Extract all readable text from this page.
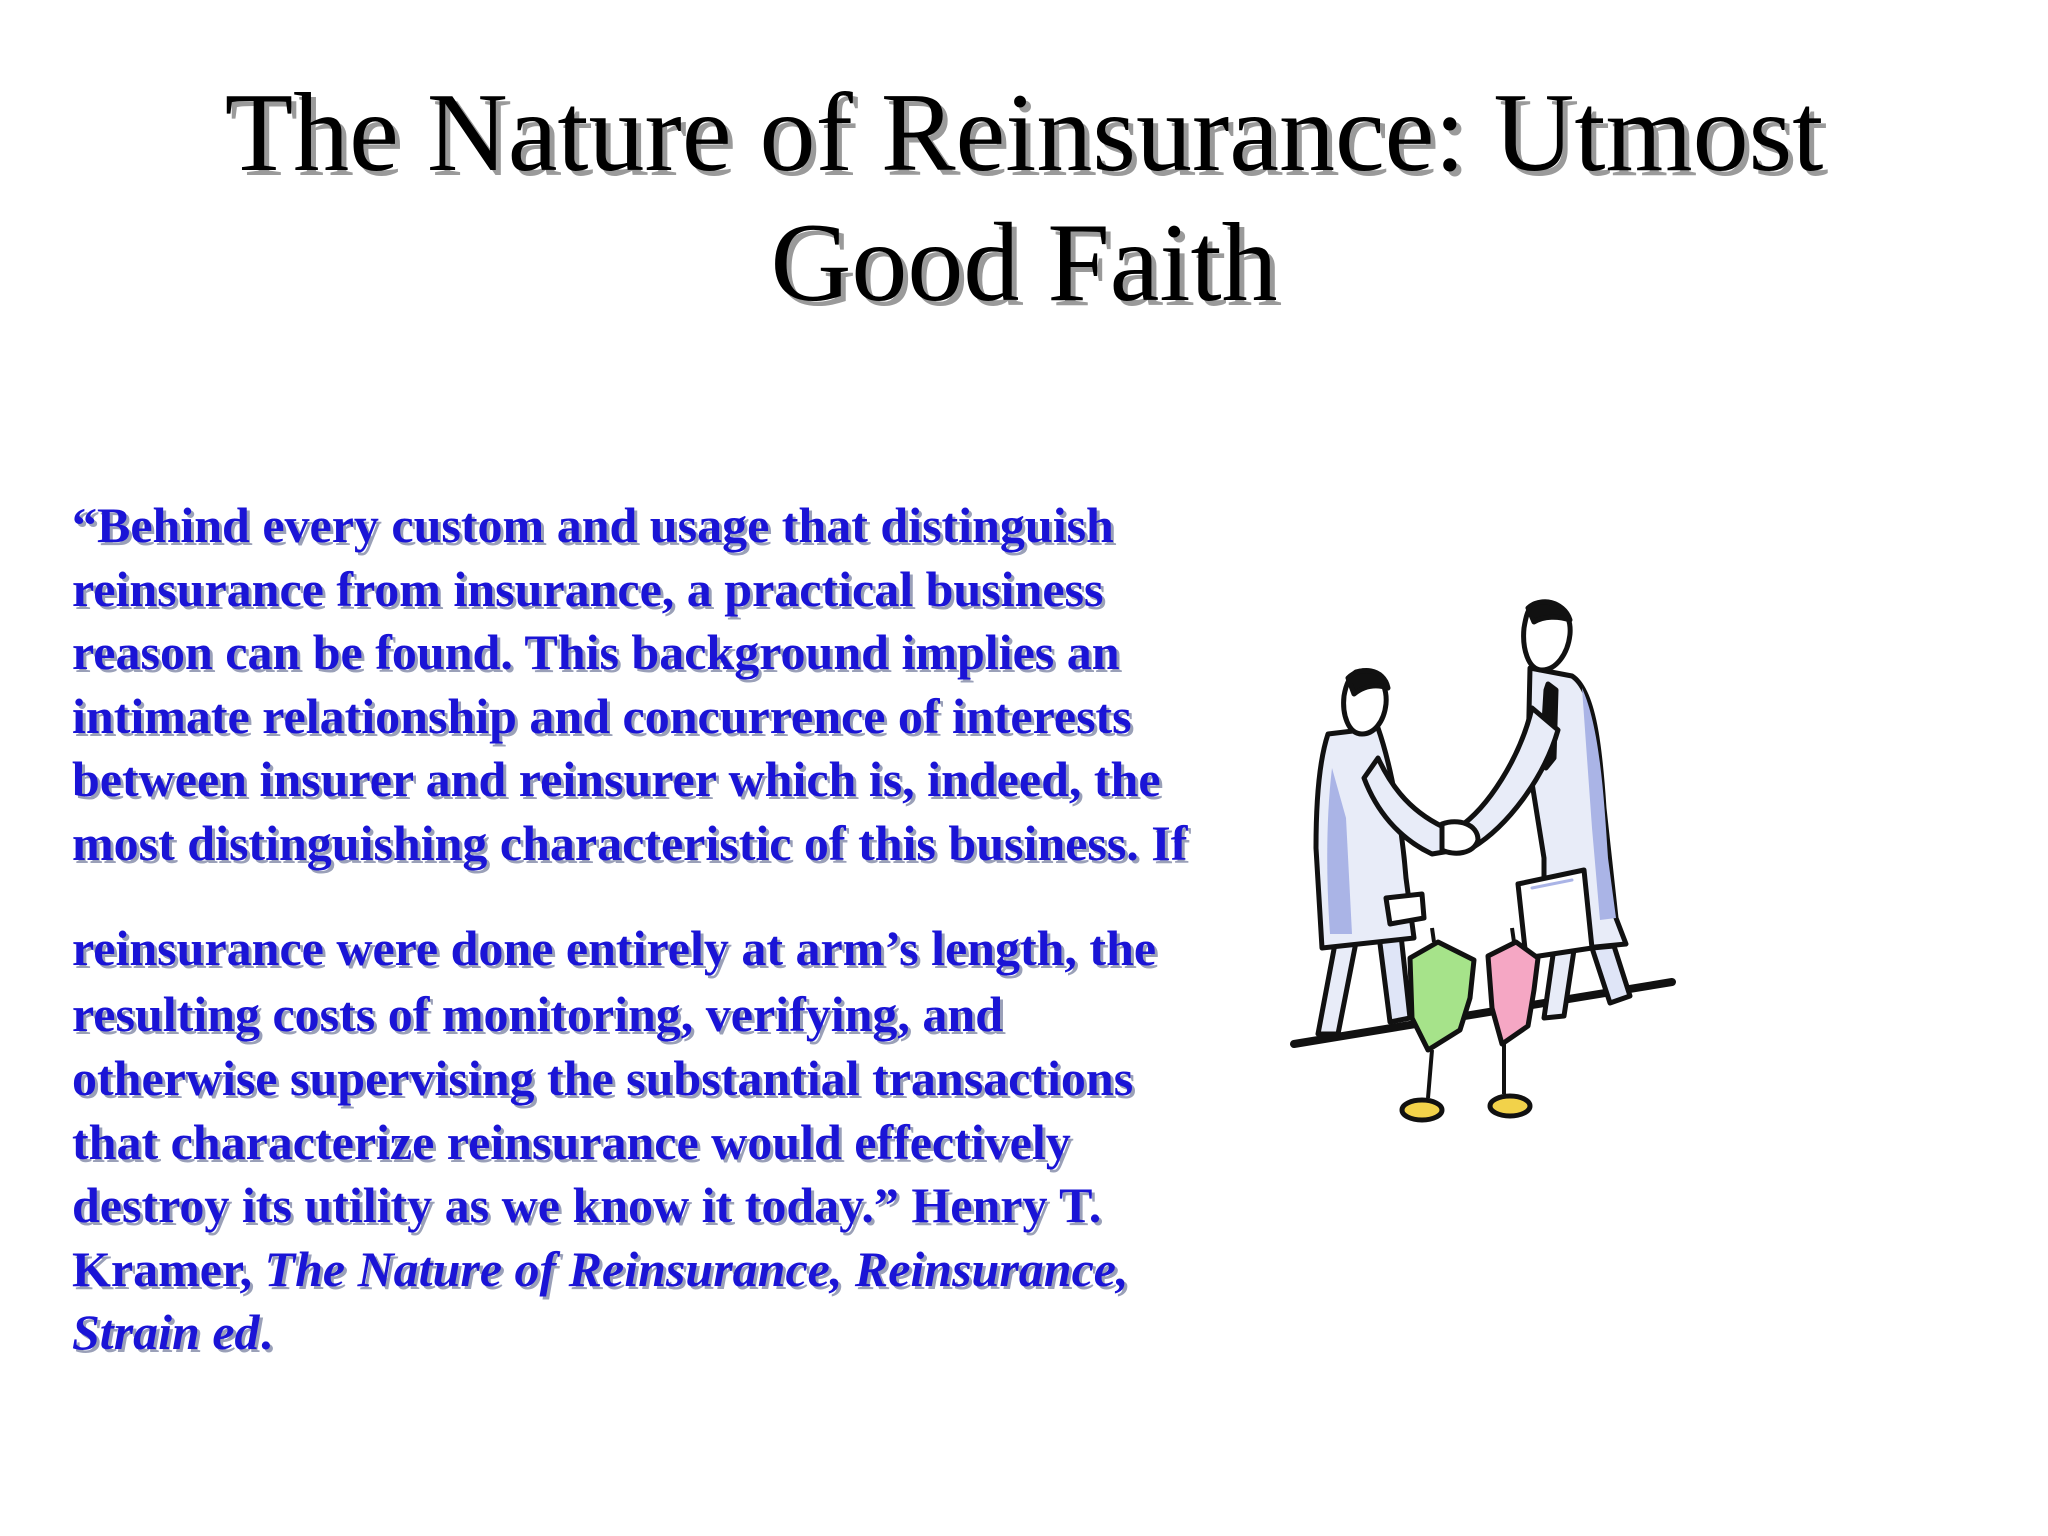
The Nature of Reinsurance: Utmost
Good Faith
“Behind every custom and usage that distinguish
reinsurance from insurance, a practical business
reason can be found. This background implies an
intimate relationship and concurrence of interests
between insurer and reinsurer which is, indeed, the
most distinguishing characteristic of this business. If
reinsurance were done entirely at arm’s length, the
resulting costs of monitoring, verifying, and
otherwise supervising the substantial transactions
that characterize reinsurance would effectively
destroy its utility as we know it today.” Henry T.
Kramer, The Nature of Reinsurance, Reinsurance,
Strain ed.
